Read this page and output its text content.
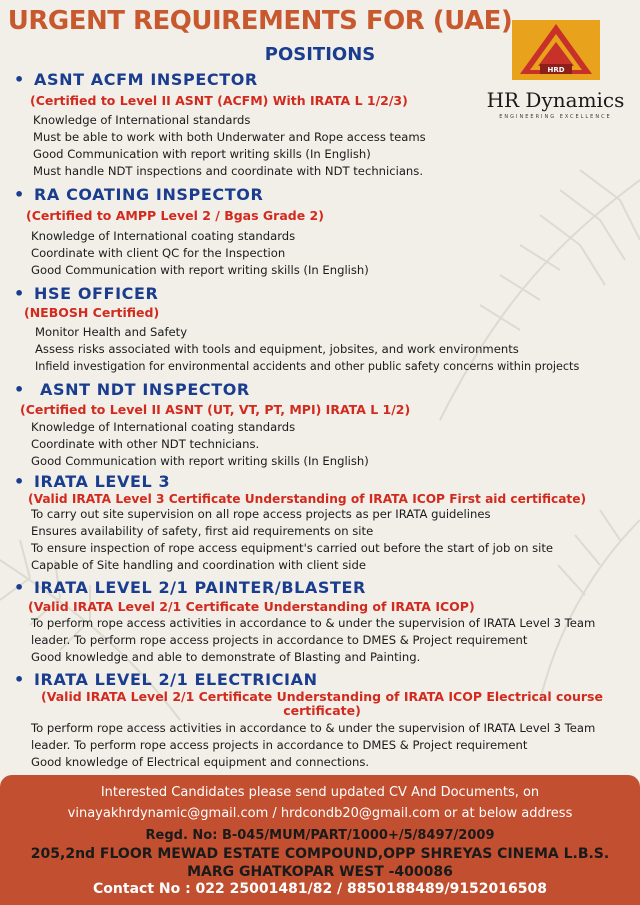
URGENT REQUIREMENTS FOR (UAE)
POSITIONS
HRD
HR Dynamics
ENGINEERING EXCELLENCE
• ASNT ACFM INSPECTOR
(Certified to Level II ASNT (ACFM) With IRATA L 1/2/3)
Knowledge of International standards
Must be able to work with both Underwater and Rope access teams
Good Communication with report writing skills (In English)
Must handle NDT inspections and coordinate with NDT technicians.
• RA COATING INSPECTOR
(Certified to AMPP Level 2 / Bgas Grade 2)
Knowledge of International coating standards
Coordinate with client QC for the Inspection
Good Communication with report writing skills (In English)
• HSE OFFICER
(NEBOSH Certified)
Monitor Health and Safety
Assess risks associated with tools and equipment, jobsites, and work environments
Infield investigation for environmental accidents and other public safety concerns within projects
• ASNT NDT INSPECTOR
(Certified to Level II ASNT (UT, VT, PT, MPI) IRATA L 1/2)
Knowledge of International coating standards
Coordinate with other NDT technicians.
Good Communication with report writing skills (In English)
• IRATA LEVEL 3
(Valid IRATA Level 3 Certificate Understanding of IRATA ICOP First aid certificate)
To carry out site supervision on all rope access projects as per IRATA guidelines
Ensures availability of safety, first aid requirements on site
To ensure inspection of rope access equipment's carried out before the start of job on site
Capable of Site handling and coordination with client side
• IRATA LEVEL 2/1 PAINTER/BLASTER
(Valid IRATA Level 2/1 Certificate Understanding of IRATA ICOP)
To perform rope access activities in accordance to & under the supervision of IRATA Level 3 Team leader. To perform rope access projects in accordance to DMES & Project requirement
Good knowledge and able to demonstrate of Blasting and Painting.
• IRATA LEVEL 2/1 ELECTRICIAN
(Valid IRATA Level 2/1 Certificate Understanding of IRATA ICOP Electrical course certificate)
To perform rope access activities in accordance to & under the supervision of IRATA Level 3 Team leader. To perform rope access projects in accordance to DMES & Project requirement
Good knowledge of Electrical equipment and connections.
Interested Candidates please send updated CV And Documents, on
vinayakhrdynamic@gmail.com / hrdcondb20@gmail.com or at below address
Regd. No: B-045/MUM/PART/1000+/5/8497/2009
205,2nd FLOOR MEWAD ESTATE COMPOUND,OPP SHREYAS CINEMA L.B.S. MARG GHATKOPAR WEST -400086
Contact No : 022 25001481/82 / 8850188489/9152016508
